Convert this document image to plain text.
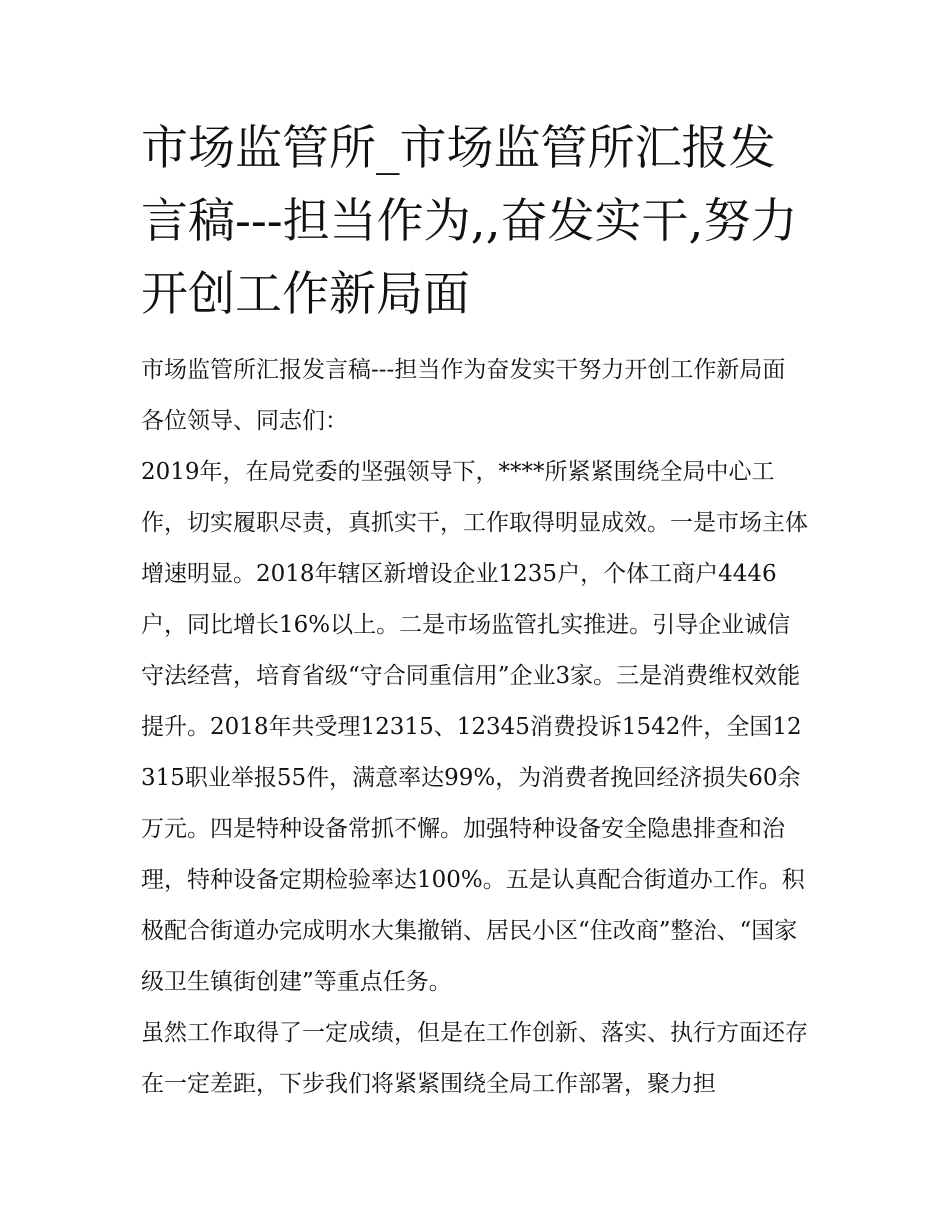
市场监管所_市场监管所汇报发言稿---担当作为,,奋发实干,努力开创工作新局面

市场监管所汇报发言稿---担当作为奋发实干努力开创工作新局面 各位领导、同志们：

2019年，在局党委的坚强领导下，****所紧紧围绕全局中心工作，切实履职尽责，真抓实干，工作取得明显成效。一是市场主体增速明显。2018年辖区新增设企业1235户，个体工商户4446户，同比增长16%以上。二是市场监管扎实推进。引导企业诚信守法经营，培育省级“守合同重信用”企业3家。三是消费维权效能提升。2018年共受理12315、12345消费投诉1542件，全国12315职业举报55件，满意率达99%，为消费者挽回经济损失60余万元。四是特种设备常抓不懈。加强特种设备安全隐患排查和治理，特种设备定期检验率达100%。五是认真配合街道办工作。积极配合街道办完成明水大集撤销、居民小区“住改商”整治、“国家级卫生镇街创建”等重点任务。

虽然工作取得了一定成绩，但是在工作创新、落实、执行方面还存在一定差距，下步我们将紧紧围绕全局工作部署，聚力担
